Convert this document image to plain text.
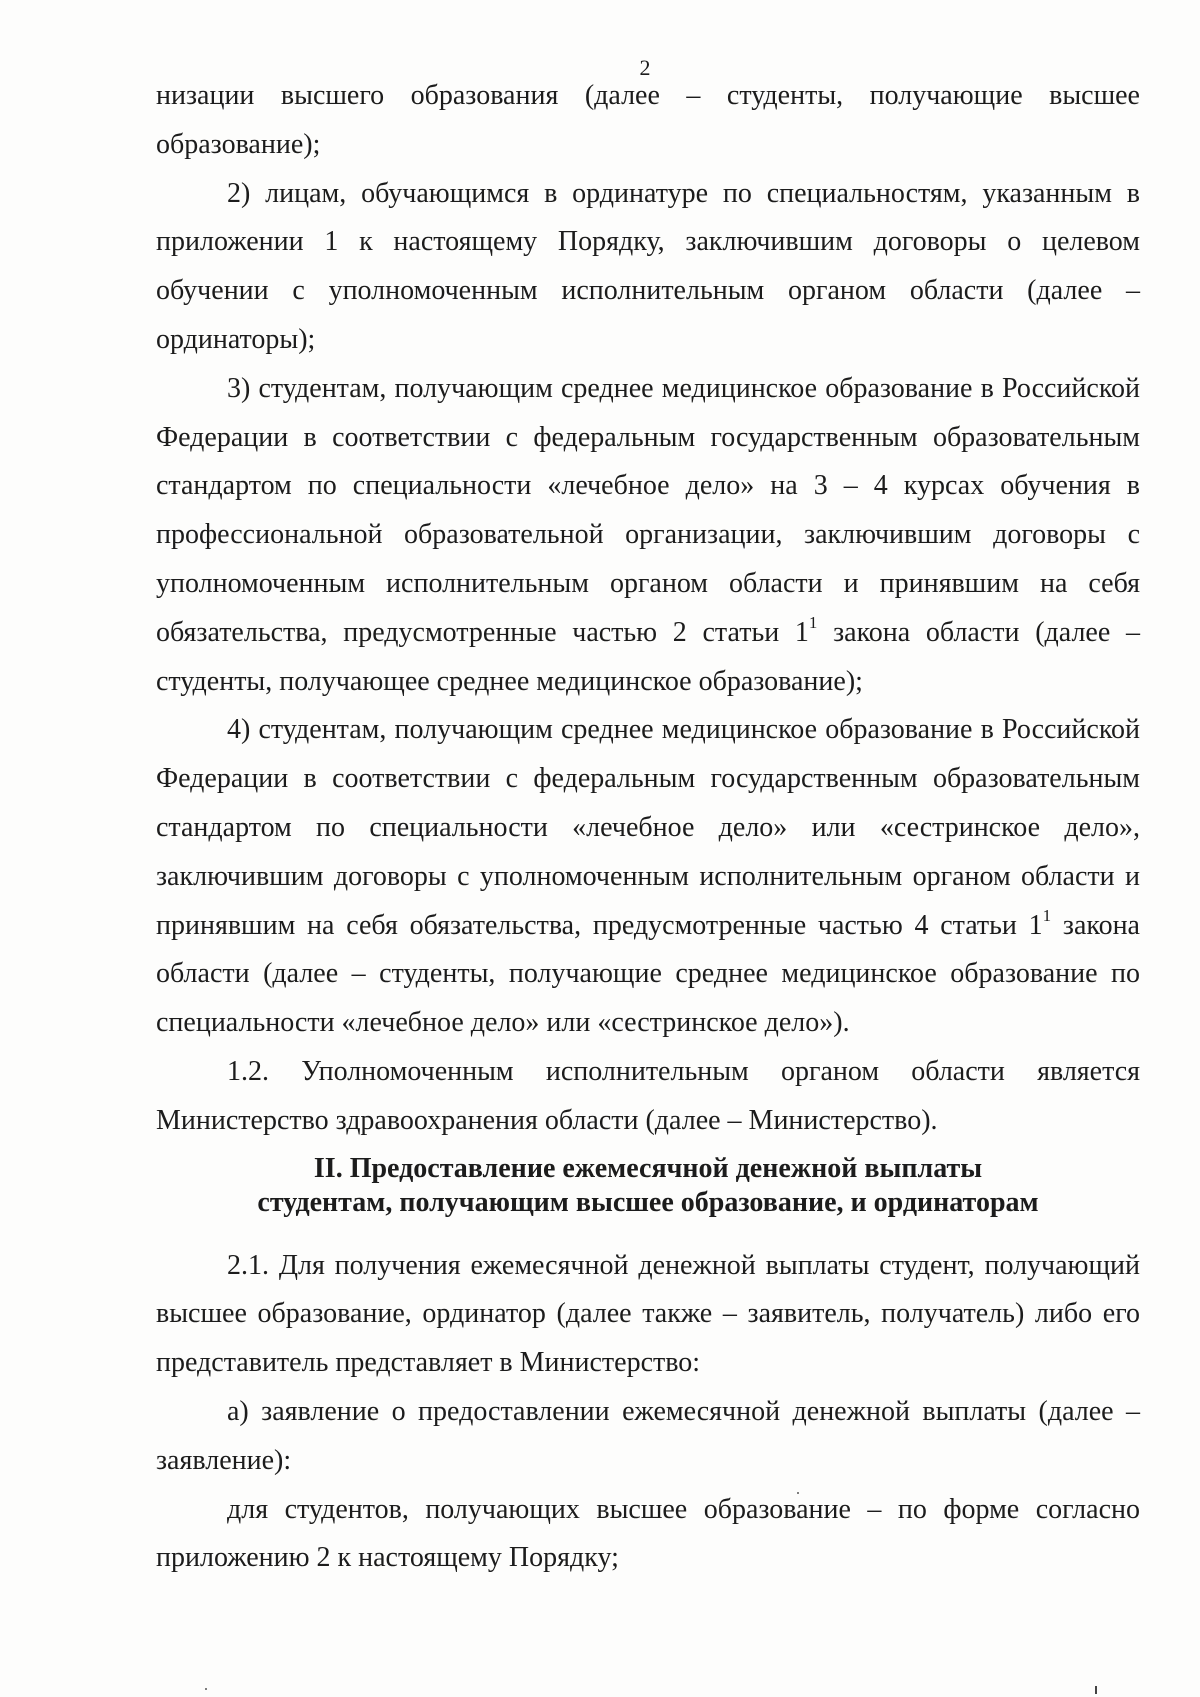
2

низации высшего образования (далее – студенты, получающие высшее образование);

2) лицам, обучающимся в ординатуре по специальностям, указанным в приложении 1 к настоящему Порядку, заключившим договоры о целевом обучении с уполномоченным исполнительным органом области (далее – ординаторы);

3) студентам, получающим среднее медицинское образование в Российской Федерации в соответствии с федеральным государственным образовательным стандартом по специальности «лечебное дело» на 3 – 4 курсах обучения в профессиональной образовательной организации, заключившим договоры с уполномоченным исполнительным органом области и принявшим на себя обязательства, предусмотренные частью 2 статьи $1^1$ закона области (далее – студенты, получающее среднее медицинское образование);

4) студентам, получающим среднее медицинское образование в Российской Федерации в соответствии с федеральным государственным образовательным стандартом по специальности «лечебное дело» или «сестринское дело», заключившим договоры с уполномоченным исполнительным органом области и принявшим на себя обязательства, предусмотренные частью 4 статьи $1^1$ закона области (далее – студенты, получающие среднее медицинское образование по специальности «лечебное дело» или «сестринское дело»).

1.2. Уполномоченным исполнительным органом области является Министерство здравоохранения области (далее – Министерство).

II. Предоставление ежемесячной денежной выплаты
студентам, получающим высшее образование, и ординаторам

2.1. Для получения ежемесячной денежной выплаты студент, получающий высшее образование, ординатор (далее также – заявитель, получатель) либо его представитель представляет в Министерство:

а) заявление о предоставлении ежемесячной денежной выплаты (далее – заявление):

для студентов, получающих высшее образование – по форме согласно приложению 2 к настоящему Порядку;
